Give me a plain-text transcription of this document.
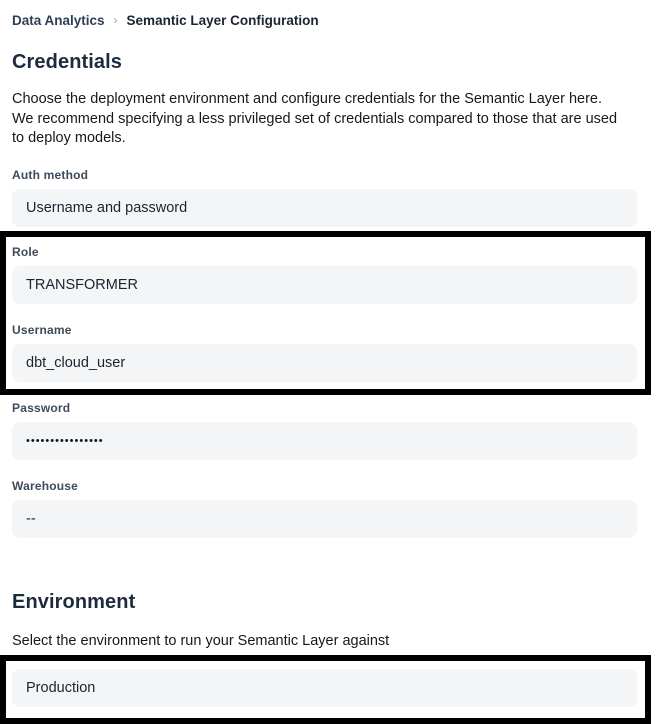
Data Analytics › Semantic Layer Configuration
Credentials

Choose the deployment environment and configure credentials for the Semantic Layer here. We recommend specifying a less privileged set of credentials compared to those that are used to deploy models.

Auth method
Username and password
Role
TRANSFORMER
Username
dbt_cloud_user
Password
••••••••••••••••
Warehouse
--
Environment

Select the environment to run your Semantic Layer against

Production
